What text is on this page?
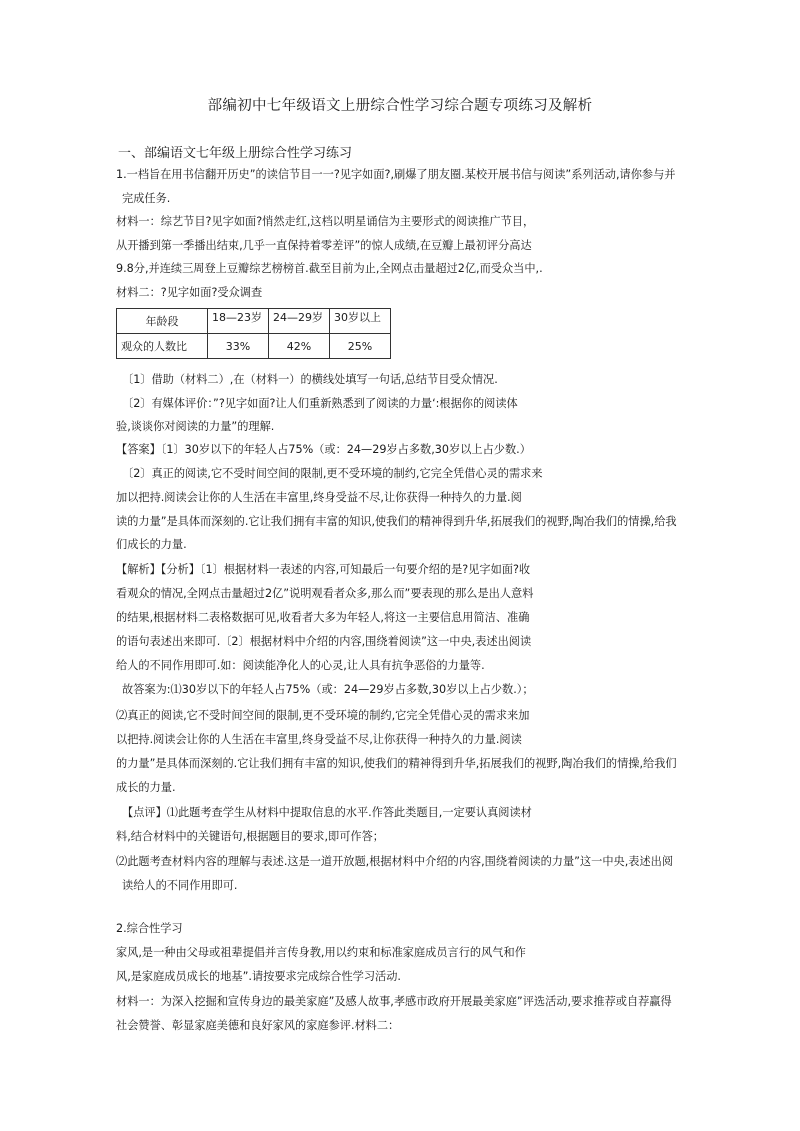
部编初中七年级语文上册综合性学习综合题专项练习及解析
一、部编语文七年级上册综合性学习练习
1.一档旨在用书信翻开历史”的读信节目一一?见字如面?,刷爆了朋友圈.某校开展书信与阅读”系列活动,请你参与并
完成任务.
材料一：综艺节目?见字如面?悄然走红,这档以明星诵信为主要形式的阅读推广节目，
从开播到第一季播出结束,几乎一直保持着零差评”的惊人成绩,在豆瓣上最初评分高达
9.8分,并连续三周登上豆瓣综艺榜榜首.截至目前为止,全网点击量超过2亿,而受众当中,.
材料二：?见字如面?受众调查
年龄段	18—23岁	24—29岁	30岁以上
观众的人数比	33%	42%	25%
〔1〕借助（材料二）,在（材料一）的横线处填写一句话,总结节目受众情况.
〔2〕有媒体评价：”?见字如面?让人们重新熟悉到了阅读的力量‘:根据你的阅读体
验,谈谈你对阅读的力量”的理解.
【答案】〔1〕30岁以下的年轻人占75%（或：24—29岁占多数,30岁以上占少数.）
〔2〕真正的阅读,它不受时间空间的限制,更不受环境的制约,它完全凭借心灵的需求来
加以把持.阅读会让你的人生活在丰富里,终身受益不尽,让你获得一种持久的力量.阅
读的力量”是具体而深刻的.它让我们拥有丰富的知识,使我们的精神得到升华,拓展我们的视野,陶冶我们的情操,给我
们成长的力量.
【解析】【分析】〔1〕根据材料一表述的内容,可知最后一句要介绍的是?见字如面?收
看观众的情况,全网点击量超过2亿”说明观看者众多,那么而”要表现的那么是出人意料
的结果,根据材料二表格数据可见,收看者大多为年轻人,将这一主要信息用简洁、准确
的语句表述出来即可.〔2〕根据材料中介绍的内容,围绕着阅读”这一中央,表述出阅读
给人的不同作用即可.如：阅读能净化人的心灵,让人具有抗争恶俗的力量等.
故答案为:⑴30岁以下的年轻人占75%（或：24—29岁占多数,30岁以上占少数.）；
⑵真正的阅读,它不受时间空间的限制,更不受环境的制约,它完全凭借心灵的需求来加
以把持.阅读会让你的人生活在丰富里,终身受益不尽,让你获得一种持久的力量.阅读
的力量”是具体而深刻的.它让我们拥有丰富的知识,使我们的精神得到升华,拓展我们的视野,陶冶我们的情操,给我们
成长的力量.
【点评】⑴此题考查学生从材料中提取信息的水平.作答此类题目,一定要认真阅读材
料,结合材料中的关键语句,根据题目的要求,即可作答；
⑵此题考查材料内容的理解与表述.这是一道开放题,根据材料中介绍的内容,围绕着阅读的力量”这一中央,表述出阅
读给人的不同作用即可.
2.综合性学习
家风,是一种由父母或祖辈提倡并言传身教,用以约束和标准家庭成员言行的风气和作
风,是家庭成员成长的地基”.请按要求完成综合性学习活动.
材料一：为深入挖掘和宣传身边的最美家庭”及感人故事,孝感市政府开展最美家庭”评选活动,要求推荐或自荐赢得
社会赞誉、彰显家庭美德和良好家风的家庭参评.材料二：
